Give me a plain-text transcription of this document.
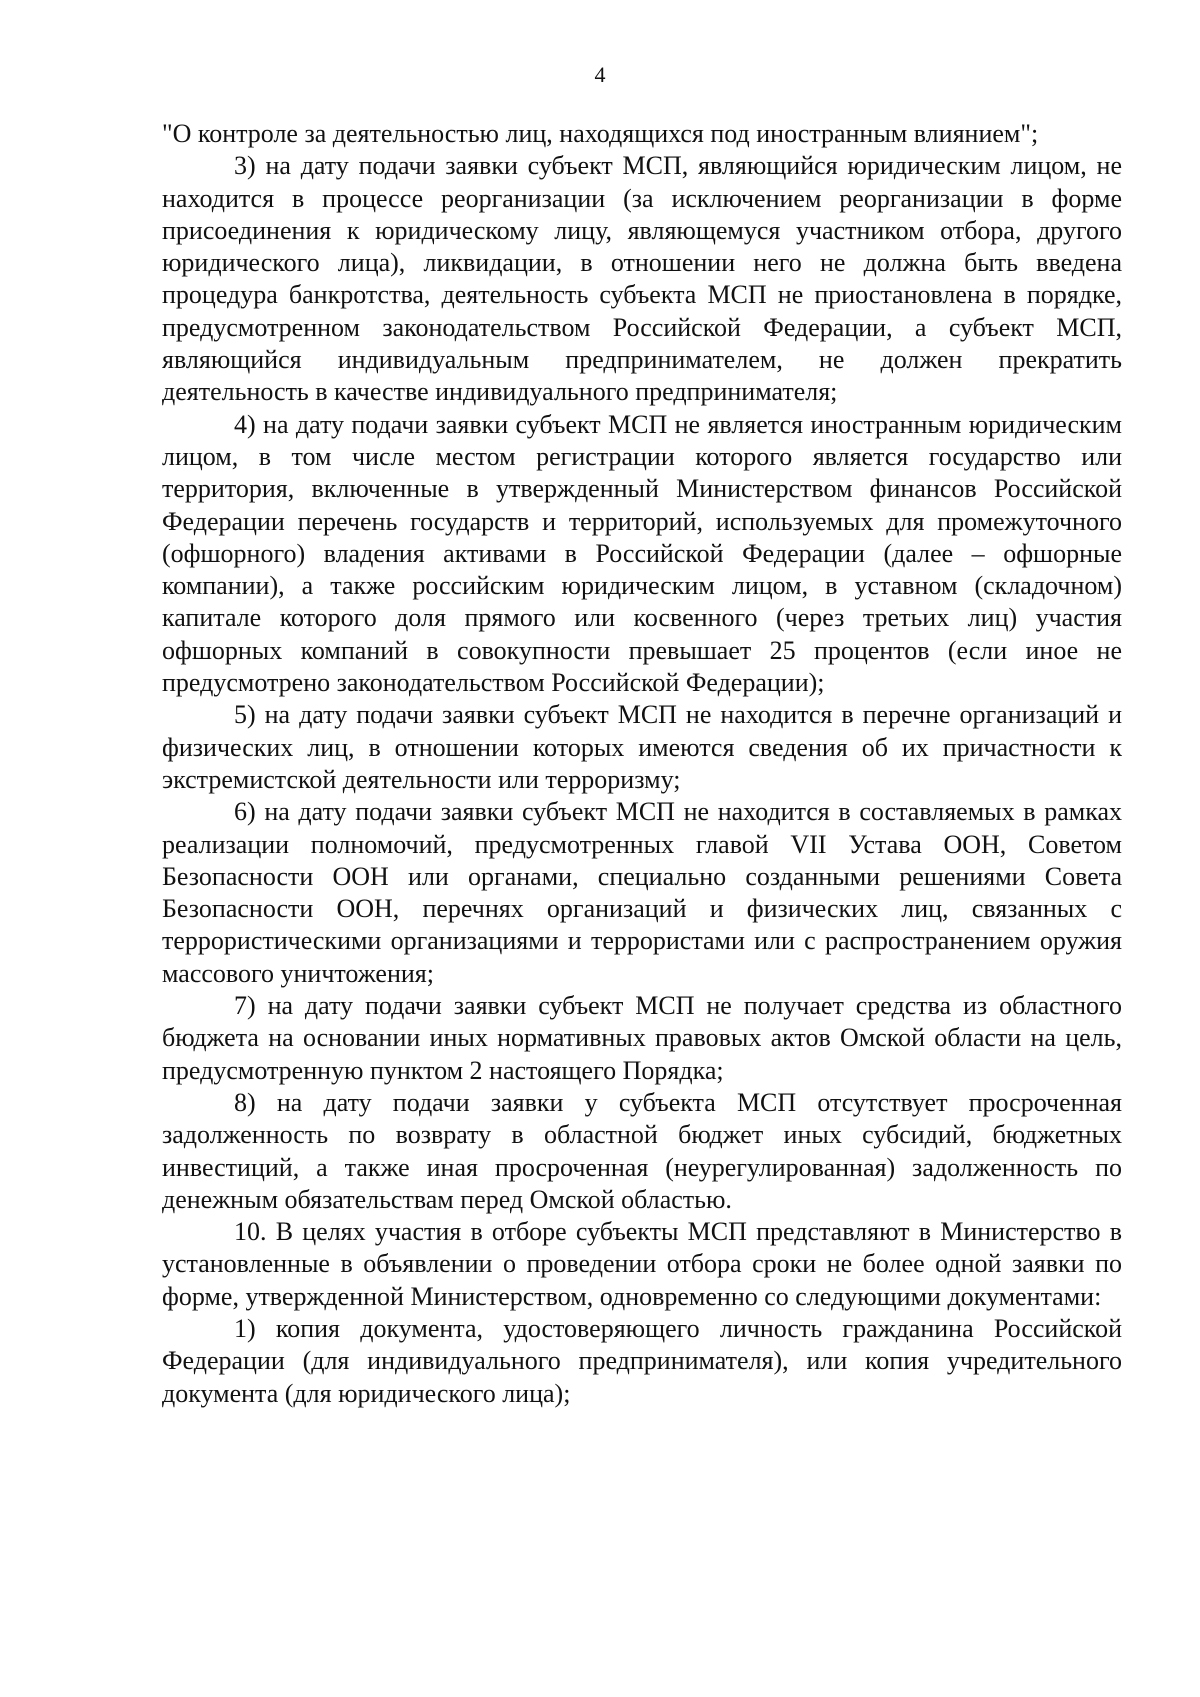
4

"О контроле за деятельностью лиц, находящихся под иностранным влиянием";

3) на дату подачи заявки субъект МСП, являющийся юридическим лицом, не находится в процессе реорганизации (за исключением реорганизации в форме присоединения к юридическому лицу, являющемуся участником отбора, другого юридического лица), ликвидации, в отношении него не должна быть введена процедура банкротства, деятельность субъекта МСП не приостановлена в порядке, предусмотренном законодательством Российской Федерации, а субъект МСП, являющийся индивидуальным предпринимателем, не должен прекратить деятельность в качестве индивидуального предпринимателя;

4) на дату подачи заявки субъект МСП не является иностранным юридическим лицом, в том числе местом регистрации которого является государство или территория, включенные в утвержденный Министерством финансов Российской Федерации перечень государств и территорий, используемых для промежуточного (офшорного) владения активами в Российской Федерации (далее – офшорные компании), а также российским юридическим лицом, в уставном (складочном) капитале которого доля прямого или косвенного (через третьих лиц) участия офшорных компаний в совокупности превышает 25 процентов (если иное не предусмотрено законодательством Российской Федерации);

5) на дату подачи заявки субъект МСП не находится в перечне организаций и физических лиц, в отношении которых имеются сведения об их причастности к экстремистской деятельности или терроризму;

6) на дату подачи заявки субъект МСП не находится в составляемых в рамках реализации полномочий, предусмотренных главой VII Устава ООН, Советом Безопасности ООН или органами, специально созданными решениями Совета Безопасности ООН, перечнях организаций и физических лиц, связанных с террористическими организациями и террористами или с распространением оружия массового уничтожения;

7) на дату подачи заявки субъект МСП не получает средства из областного бюджета на основании иных нормативных правовых актов Омской области на цель, предусмотренную пунктом 2 настоящего Порядка;

8) на дату подачи заявки у субъекта МСП отсутствует просроченная задолженность по возврату в областной бюджет иных субсидий, бюджетных инвестиций, а также иная просроченная (неурегулированная) задолженность по денежным обязательствам перед Омской областью.

10. В целях участия в отборе субъекты МСП представляют в Министерство в установленные в объявлении о проведении отбора сроки не более одной заявки по форме, утвержденной Министерством, одновременно со следующими документами:

1) копия документа, удостоверяющего личность гражданина Российской Федерации (для индивидуального предпринимателя), или копия учредительного документа (для юридического лица);
